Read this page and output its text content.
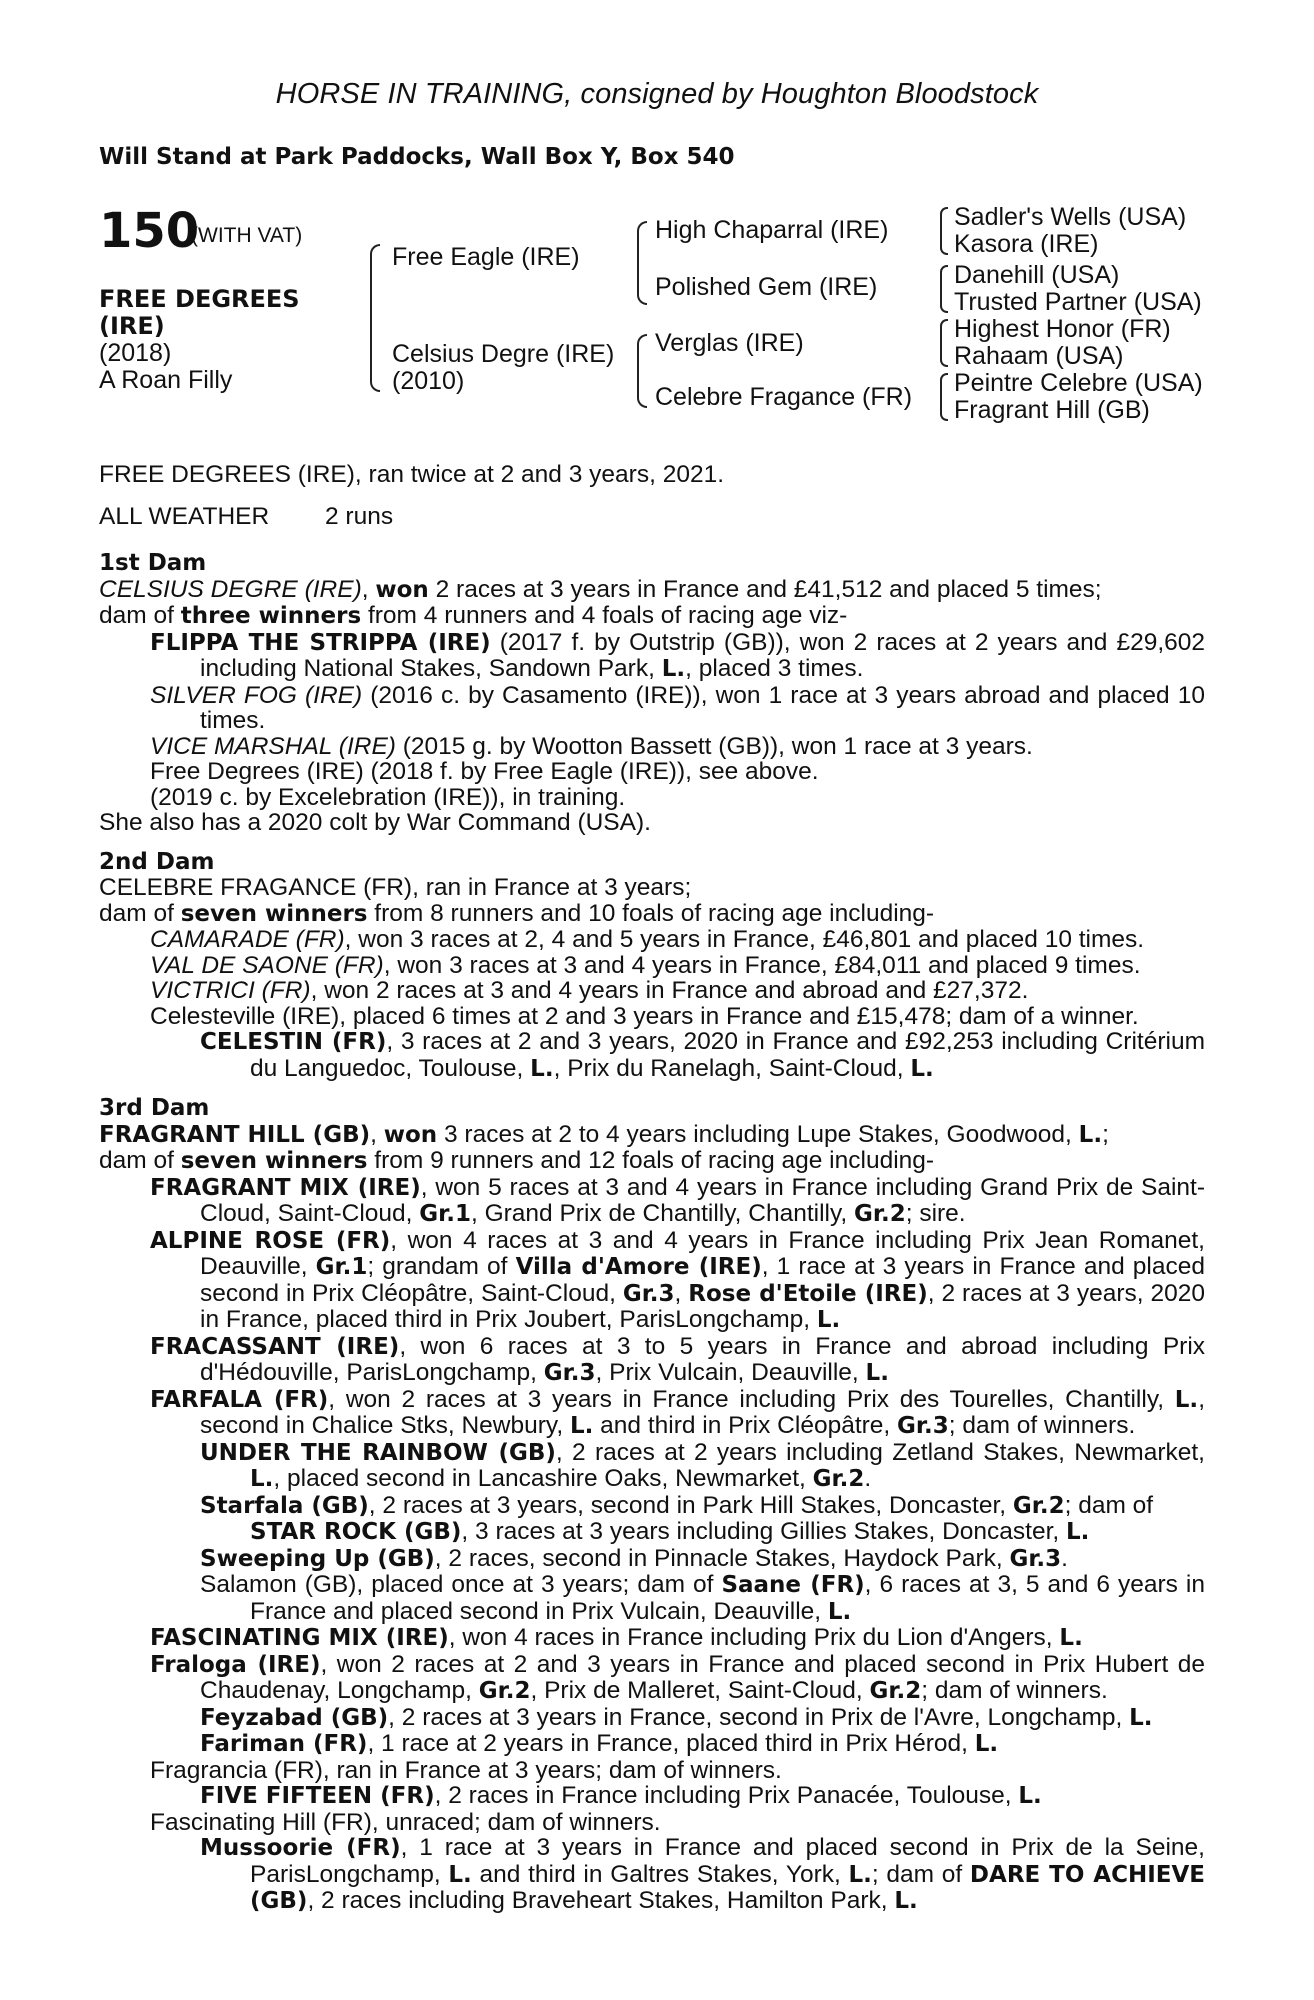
HORSE IN TRAINING, consigned by Houghton Bloodstock
Will Stand at Park Paddocks, Wall Box Y, Box 540
150
(WITH VAT)
FREE DEGREES
(IRE)
(2018)
A Roan Filly
Free Eagle (IRE)
Celsius Degre (IRE)
(2010)
High Chaparral (IRE)
Polished Gem (IRE)
Verglas (IRE)
Celebre Fragance (FR)
Sadler's Wells (USA)
Kasora (IRE)
Danehill (USA)
Trusted Partner (USA)
Highest Honor (FR)
Rahaam (USA)
Peintre Celebre (USA)
Fragrant Hill (GB)

FREE DEGREES (IRE), ran twice at 2 and 3 years, 2021.

ALL WEATHER 2 runs

1st Dam

CELSIUS DEGRE (IRE), won 2 races at 3 years in France and £41,512 and placed 5 times;

dam of three winners from 4 runners and 4 foals of racing age viz-

FLIPPA THE STRIPPA (IRE) (2017 f. by Outstrip (GB)), won 2 races at 2 years and £29,602 including National Stakes, Sandown Park, L., placed 3 times.

SILVER FOG (IRE) (2016 c. by Casamento (IRE)), won 1 race at 3 years abroad and placed 10 times.

VICE MARSHAL (IRE) (2015 g. by Wootton Bassett (GB)), won 1 race at 3 years.

Free Degrees (IRE) (2018 f. by Free Eagle (IRE)), see above.

(2019 c. by Excelebration (IRE)), in training.

She also has a 2020 colt by War Command (USA).

2nd Dam

CELEBRE FRAGANCE (FR), ran in France at 3 years;

dam of seven winners from 8 runners and 10 foals of racing age including-

CAMARADE (FR), won 3 races at 2, 4 and 5 years in France, £46,801 and placed 10 times.

VAL DE SAONE (FR), won 3 races at 3 and 4 years in France, £84,011 and placed 9 times.

VICTRICI (FR), won 2 races at 3 and 4 years in France and abroad and £27,372.

Celesteville (IRE), placed 6 times at 2 and 3 years in France and £15,478; dam of a winner.

CELESTIN (FR), 3 races at 2 and 3 years, 2020 in France and £92,253 including Critérium du Languedoc, Toulouse, L., Prix du Ranelagh, Saint-Cloud, L.

3rd Dam

FRAGRANT HILL (GB), won 3 races at 2 to 4 years including Lupe Stakes, Goodwood, L.;

dam of seven winners from 9 runners and 12 foals of racing age including-

FRAGRANT MIX (IRE), won 5 races at 3 and 4 years in France including Grand Prix de Saint-Cloud, Saint-Cloud, Gr.1, Grand Prix de Chantilly, Chantilly, Gr.2; sire.

ALPINE ROSE (FR), won 4 races at 3 and 4 years in France including Prix Jean Romanet, Deauville, Gr.1; grandam of Villa d'Amore (IRE), 1 race at 3 years in France and placed second in Prix Cléopâtre, Saint-Cloud, Gr.3, Rose d'Etoile (IRE), 2 races at 3 years, 2020 in France, placed third in Prix Joubert, ParisLongchamp, L.

FRACASSANT (IRE), won 6 races at 3 to 5 years in France and abroad including Prix d'Hédouville, ParisLongchamp, Gr.3, Prix Vulcain, Deauville, L.

FARFALA (FR), won 2 races at 3 years in France including Prix des Tourelles, Chantilly, L., second in Chalice Stks, Newbury, L. and third in Prix Cléopâtre, Gr.3; dam of winners.

UNDER THE RAINBOW (GB), 2 races at 2 years including Zetland Stakes, Newmarket, L., placed second in Lancashire Oaks, Newmarket, Gr.2.

Starfala (GB), 2 races at 3 years, second in Park Hill Stakes, Doncaster, Gr.2; dam of

STAR ROCK (GB), 3 races at 3 years including Gillies Stakes, Doncaster, L.

Sweeping Up (GB), 2 races, second in Pinnacle Stakes, Haydock Park, Gr.3.

Salamon (GB), placed once at 3 years; dam of Saane (FR), 6 races at 3, 5 and 6 years in France and placed second in Prix Vulcain, Deauville, L.

FASCINATING MIX (IRE), won 4 races in France including Prix du Lion d'Angers, L.

Fraloga (IRE), won 2 races at 2 and 3 years in France and placed second in Prix Hubert de Chaudenay, Longchamp, Gr.2, Prix de Malleret, Saint-Cloud, Gr.2; dam of winners.

Feyzabad (GB), 2 races at 3 years in France, second in Prix de l'Avre, Longchamp, L.

Fariman (FR), 1 race at 2 years in France, placed third in Prix Hérod, L.

Fragrancia (FR), ran in France at 3 years; dam of winners.

FIVE FIFTEEN (FR), 2 races in France including Prix Panacée, Toulouse, L.

Fascinating Hill (FR), unraced; dam of winners.

Mussoorie (FR), 1 race at 3 years in France and placed second in Prix de la Seine, ParisLongchamp, L. and third in Galtres Stakes, York, L.; dam of DARE TO ACHIEVE (GB), 2 races including Braveheart Stakes, Hamilton Park, L.
